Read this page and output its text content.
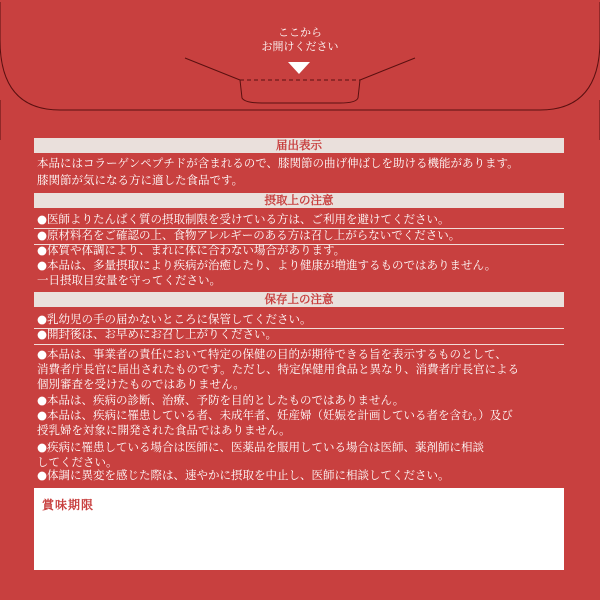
ここから
お開けください
届出表示
本品にはコラーゲンペプチドが含まれるので、膝関節の曲げ伸ばしを助ける機能があります。
膝関節が気になる方に適した食品です。
摂取上の注意
●医師よりたんぱく質の摂取制限を受けている方は、ご利用を避けてください。
●原材料名をご確認の上、食物アレルギーのある方は召し上がらないでください。
●体質や体調により、まれに体に合わない場合があります。
●本品は、多量摂取により疾病が治癒したり、より健康が増進するものではありません。
一日摂取目安量を守ってください。
保存上の注意
●乳幼児の手の届かないところに保管してください。
●開封後は、お早めにお召し上がりください。
●本品は、事業者の責任において特定の保健の目的が期待できる旨を表示するものとして、
消費者庁長官に届出されたものです。ただし、特定保健用食品と異なり、消費者庁長官による
個別審査を受けたものではありません。
●本品は、疾病の診断、治療、予防を目的としたものではありません。
●本品は、疾病に罹患している者、未成年者、妊産婦（妊娠を計画している者を含む。）及び
授乳婦を対象に開発された食品ではありません。
●疾病に罹患している場合は医師に、医薬品を服用している場合は医師、薬剤師に相談
してください。
●体調に異変を感じた際は、速やかに摂取を中止し、医師に相談してください。
賞味期限
